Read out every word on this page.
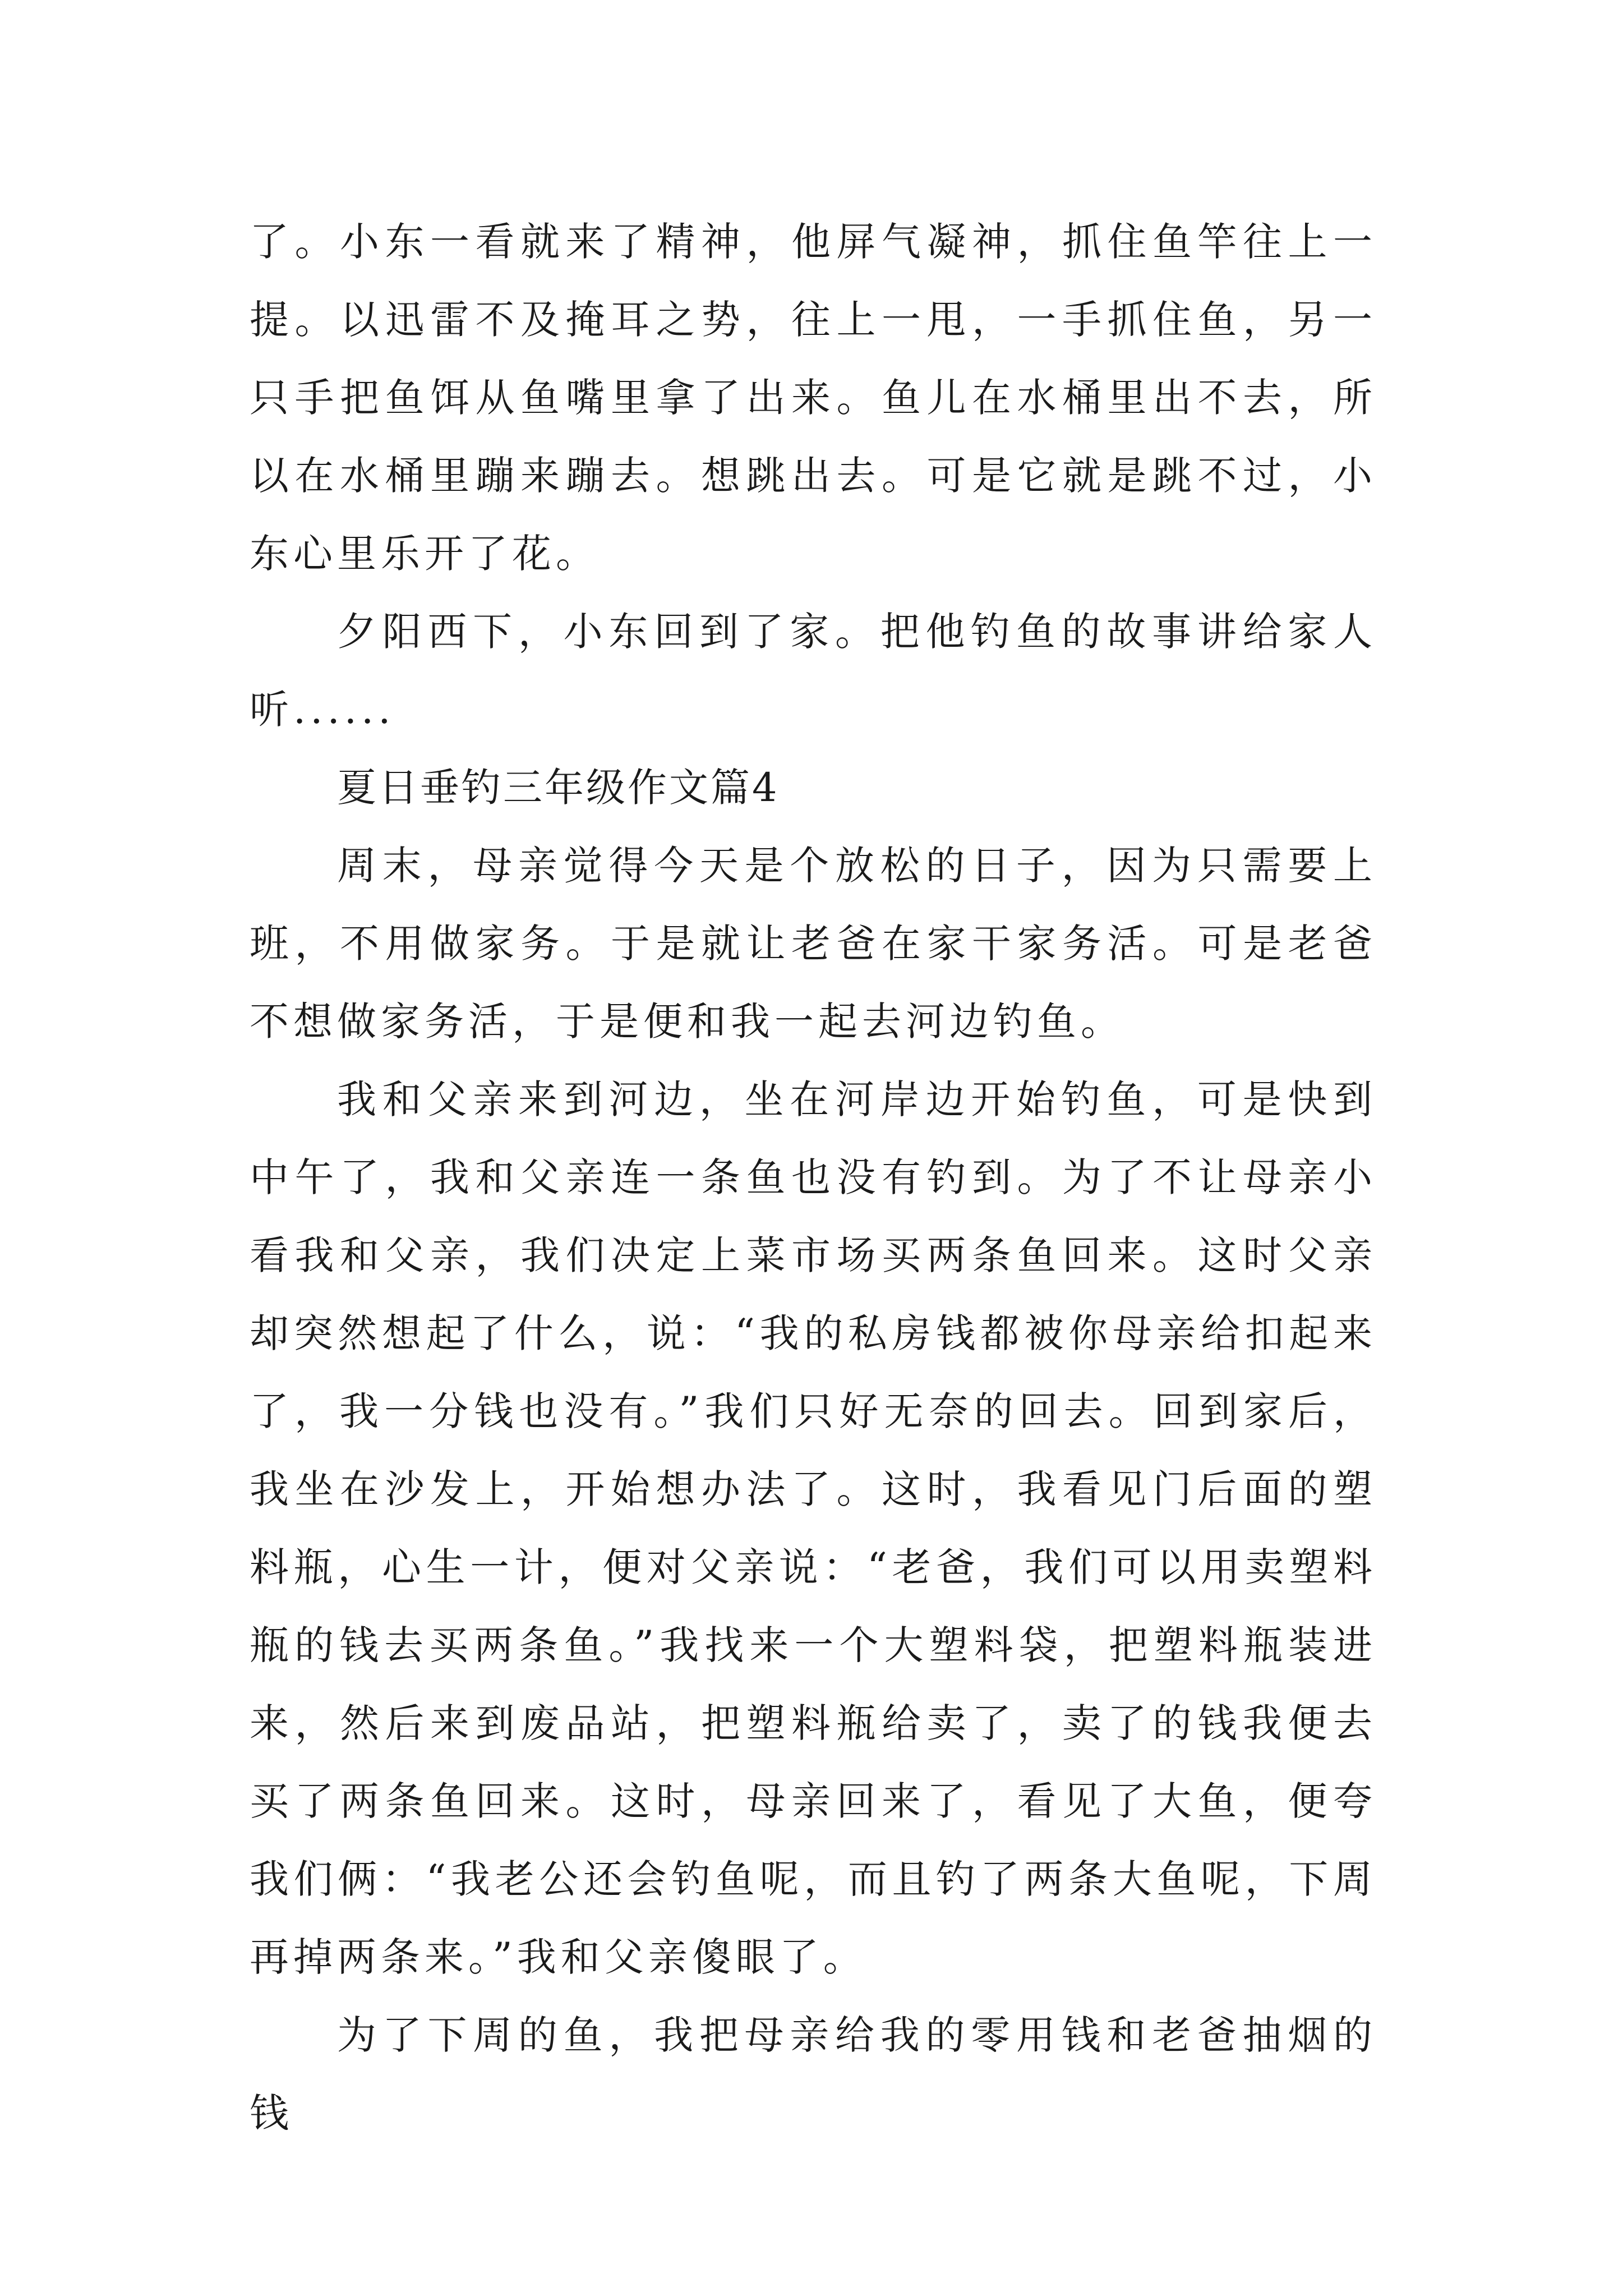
了。小东一看就来了精神，他屏气凝神，抓住鱼竿往上一提。以迅雷不及掩耳之势，往上一甩，一手抓住鱼，另一只手把鱼饵从鱼嘴里拿了出来。鱼儿在水桶里出不去，所以在水桶里蹦来蹦去。想跳出去。可是它就是跳不过，小东心里乐开了花。

夕阳西下，小东回到了家。把他钓鱼的故事讲给家人听......

夏日垂钓三年级作文篇4

周末，母亲觉得今天是个放松的日子，因为只需要上班，不用做家务。于是就让老爸在家干家务活。可是老爸不想做家务活，于是便和我一起去河边钓鱼。

我和父亲来到河边，坐在河岸边开始钓鱼，可是快到中午了，我和父亲连一条鱼也没有钓到。为了不让母亲小看我和父亲，我们决定上菜市场买两条鱼回来。这时父亲却突然想起了什么，说：“我的私房钱都被你母亲给扣起来了，我一分钱也没有。”我们只好无奈的回去。回到家后，我坐在沙发上，开始想办法了。这时，我看见门后面的塑料瓶，心生一计，便对父亲说：“老爸，我们可以用卖塑料瓶的钱去买两条鱼。”我找来一个大塑料袋，把塑料瓶装进来，然后来到废品站，把塑料瓶给卖了，卖了的钱我便去买了两条鱼回来。这时，母亲回来了，看见了大鱼，便夸我们俩：“我老公还会钓鱼呢，而且钓了两条大鱼呢，下周再掉两条来。”我和父亲傻眼了。

为了下周的鱼，我把母亲给我的零用钱和老爸抽烟的钱
